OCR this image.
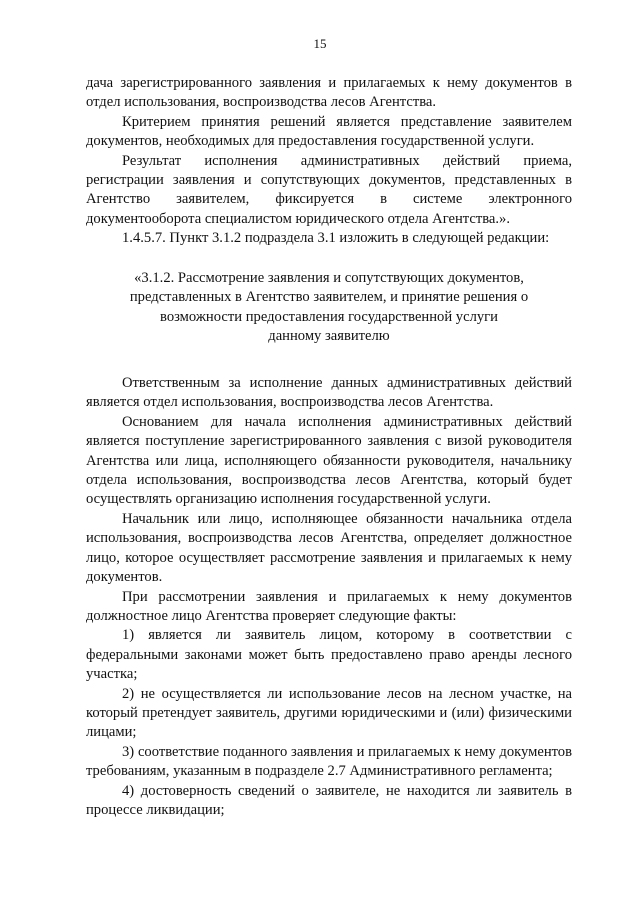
15

дача зарегистрированного заявления и прилагаемых к нему документов в отдел использования, воспроизводства лесов Агентства.

Критерием принятия решений является представление заявителем документов, необходимых для предоставления государственной услуги.

Результат исполнения административных действий приема, регистрации заявления и сопутствующих документов, представленных в Агентство заявителем, фиксируется в системе электронного документооборота специалистом юридического отдела Агентства.».

1.4.5.7. Пункт 3.1.2 подраздела 3.1 изложить в следующей редакции:

«3.1.2. Рассмотрение заявления и сопутствующих документов,
представленных в Агентство заявителем, и принятие решения о
возможности предоставления государственной услуги
данному заявителю

Ответственным за исполнение данных административных действий является отдел использования, воспроизводства лесов Агентства.

Основанием для начала исполнения административных действий является поступление зарегистрированного заявления с визой руководителя Агентства или лица, исполняющего обязанности руководителя, начальнику отдела использования, воспроизводства лесов Агентства, который будет осуществлять организацию исполнения государственной услуги.

Начальник или лицо, исполняющее обязанности начальника отдела использования, воспроизводства лесов Агентства, определяет должностное лицо, которое осуществляет рассмотрение заявления и прилагаемых к нему документов.

При рассмотрении заявления и прилагаемых к нему документов должностное лицо Агентства проверяет следующие факты:

1) является ли заявитель лицом, которому в соответствии с федеральными законами может быть предоставлено право аренды лесного участка;

2) не осуществляется ли использование лесов на лесном участке, на который претендует заявитель, другими юридическими и (или) физическими лицами;

3) соответствие поданного заявления и прилагаемых к нему документов требованиям, указанным в подразделе 2.7 Административного регламента;

4) достоверность сведений о заявителе, не находится ли заявитель в процессе ликвидации;
